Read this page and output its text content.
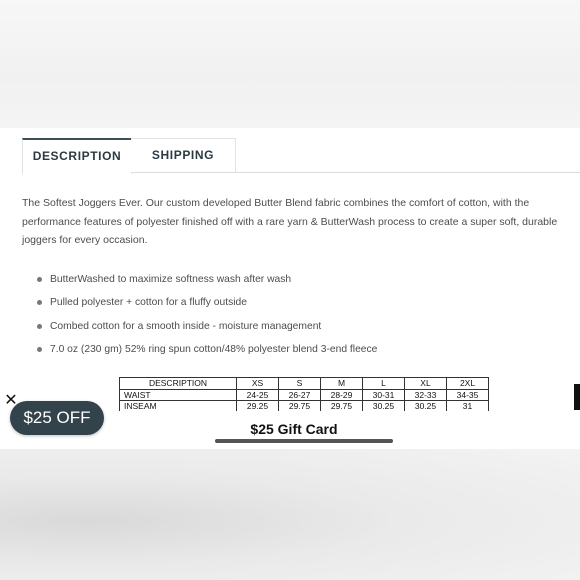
DESCRIPTION	SHIPPING
The Softest Joggers Ever. Our custom developed Butter Blend fabric combines the comfort of cotton, with the performance features of polyester finished off with a rare yarn & ButterWash process to create a super soft, durable joggers for every occasion.
ButterWashed to maximize softness wash after wash
Pulled polyester + cotton for a fluffy outside
Combed cotton for a smooth inside - moisture management
7.0 oz (230 gm) 52% ring spun cotton/48% polyester blend 3-end fleece
DESCRIPTION	XS	S	M	L	XL	2XL
WAIST	24-25	26-27	28-29	30-31	32-33	34-35
INSEAM	29.25	29.75	29.75	30.25	30.25	31
$25 Gift Card
$25 OFF
✕
